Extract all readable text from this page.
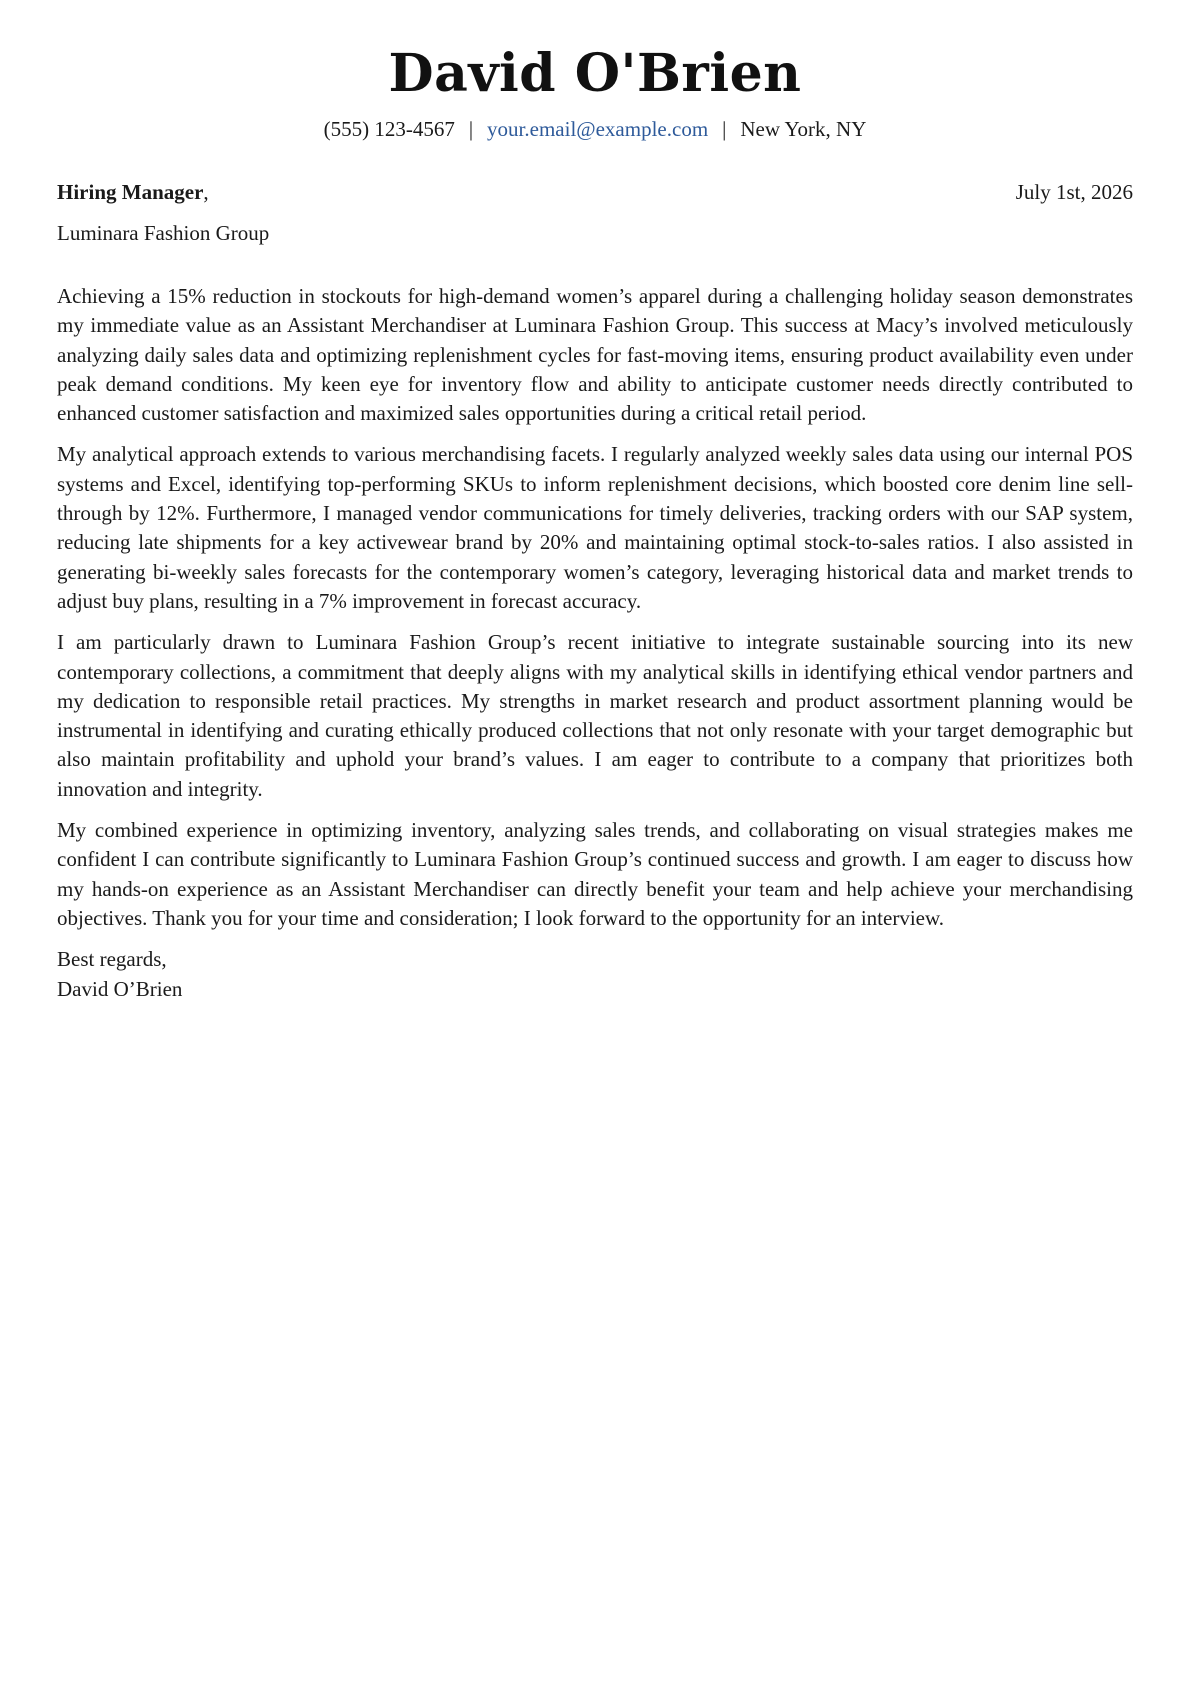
David O'Brien
(555) 123-4567 | your.email@example.com | New York, NY
Hiring Manager,	July 1st, 2026
Luminara Fashion Group

Achieving a 15% reduction in stockouts for high-demand women’s apparel during a challenging holiday season demonstrates my immediate value as an Assistant Merchandiser at Luminara Fashion Group. This success at Macy’s involved meticulously analyzing daily sales data and optimizing replenishment cycles for fast-moving items, ensuring product availability even under peak demand conditions. My keen eye for inventory flow and ability to anticipate customer needs directly contributed to enhanced customer satisfaction and maximized sales opportunities during a critical retail period.

My analytical approach extends to various merchandising facets. I regularly analyzed weekly sales data using our internal POS systems and Excel, identifying top-performing SKUs to inform replenishment decisions, which boosted core denim line sell-through by 12%. Furthermore, I managed vendor communications for timely deliveries, tracking orders with our SAP system, reducing late shipments for a key activewear brand by 20% and maintaining optimal stock-to-sales ratios. I also assisted in generating bi-weekly sales forecasts for the contemporary women’s category, leveraging historical data and market trends to adjust buy plans, resulting in a 7% improvement in forecast accuracy.

I am particularly drawn to Luminara Fashion Group’s recent initiative to integrate sustainable sourcing into its new contemporary collections, a commitment that deeply aligns with my analytical skills in identifying ethical vendor partners and my dedication to responsible retail practices. My strengths in market research and product assortment planning would be instrumental in identifying and curating ethically produced collections that not only resonate with your target demographic but also maintain profitability and uphold your brand’s values. I am eager to contribute to a company that prioritizes both innovation and integrity.

My combined experience in optimizing inventory, analyzing sales trends, and collaborating on visual strategies makes me confident I can contribute significantly to Luminara Fashion Group’s continued success and growth. I am eager to discuss how my hands-on experience as an Assistant Merchandiser can directly benefit your team and help achieve your merchandising objectives. Thank you for your time and consideration; I look forward to the opportunity for an interview.

Best regards,
David O’Brien
